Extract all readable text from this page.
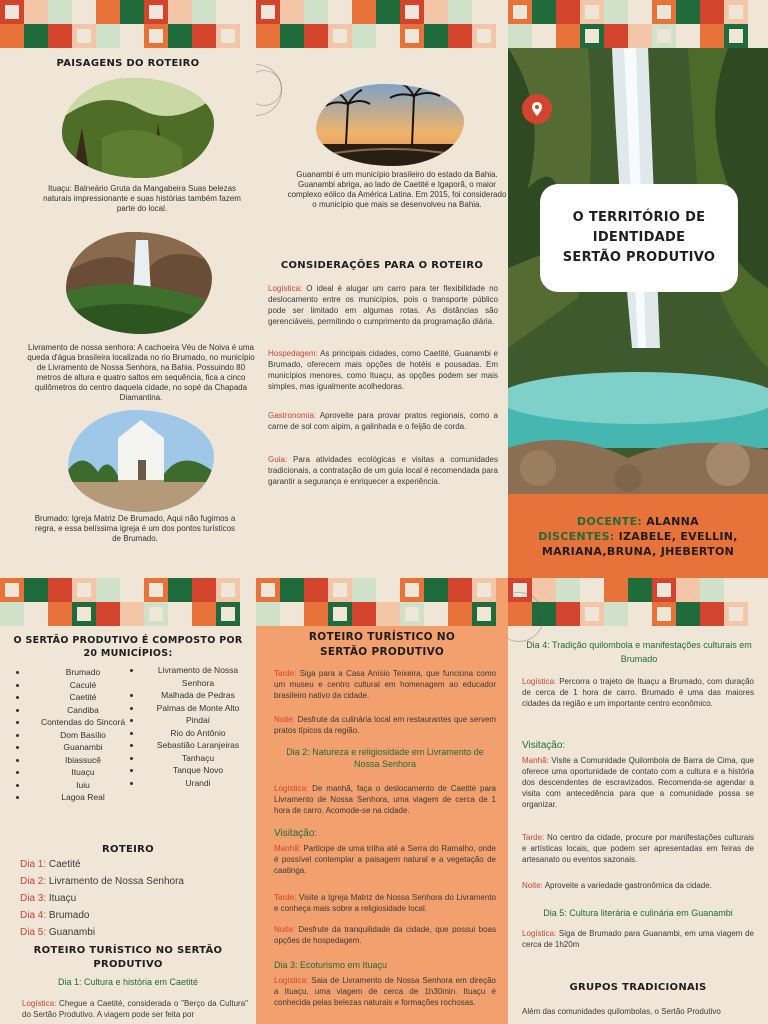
PAISAGENS DO ROTEIRO
Ituaçu: Balneário Gruta da Mangabeira Suas belezas naturais impressionante e suas histórias também fazem parte do local.
Livramento de nossa senhora: A cachoeira Véu de Noiva é uma queda d'água brasileira localizada no rio Brumado, no município de Livramento de Nossa Senhora, na Bahia. Possuindo 80 metros de altura e quatro saltos em sequência, fica a cinco quilômetros do centro daquela cidade, no sopé da Chapada Diamantina.
Brumado: Igreja Matriz De Brumado, Aqui não fugimos a regra, e essa belíssima igreja é um dos pontos turísticos de Brumado.
Guanambi é um município brasileiro do estado da Bahia. Guanambi abriga, ao lado de Caetité e Igaporã, o maior complexo eólico da América Latina. Em 2015, foi considerado o município que mais se desenvolveu na Bahia.
CONSIDERAÇÕES PARA O ROTEIRO
Logística: O ideal é alugar um carro para ter flexibilidade no deslocamento entre os municípios, pois o transporte público pode ser limitado em algumas rotas. As distâncias são gerenciáveis, permitindo o cumprimento da programação diária.
Hospedagem: As principais cidades, como Caetité, Guanambi e Brumado, oferecem mais opções de hotéis e pousadas. Em municípios menores, como Ituaçu, as opções podem ser mais simples, mas igualmente acolhedoras.
Gastronomia: Aproveite para provar pratos regionais, como a carne de sol com aipim, a galinhada e o feijão de corda.
Guia: Para atividades ecológicas e visitas a comunidades tradicionais, a contratação de um guia local é recomendada para garantir a segurança e enriquecer a experiência.
O TERRITÓRIO DE
IDENTIDADE
SERTÃO PRODUTIVO
DOCENTE: ALANNA
DISCENTES: IZABELE, EVELLIN,
MARIANA,BRUNA, JHEBERTON
O SERTÃO PRODUTIVO É COMPOSTO POR 20 MUNICÍPIOS:
• Brumado
• Caculé
• Caetité
• Candiba
• Contendas do Sincorá
• Dom Basílio
• Guanambi
• Ibiassucê
• Ituaçu
• Iuiu
• Lagoa Real
• Livramento de Nossa Senhora
• Malhada de Pedras
• Palmas de Monte Alto
• Pindaí
• Rio do Antônio
• Sebastião Laranjeiras
• Tanhaçu
• Tanque Novo
• Urandi
ROTEIRO
Dia 1: Caetité
Dia 2: Livramento de Nossa Senhora
Dia 3: Ituaçu
Dia 4: Brumado
Dia 5: Guanambi
ROTEIRO TURÍSTICO NO SERTÃO PRODUTIVO
Dia 1: Cultura e história em Caetité
Logística: Chegue a Caetité, considerada o "Berço da Cultura" do Sertão Produtivo. A viagem pode ser feita por
ROTEIRO TURÍSTICO NO SERTÃO PRODUTIVO
Tarde: Siga para a Casa Anísio Teixeira, que funciona como um museu e centro cultural em homenagem ao educador brasileiro nativo da cidade.
Noite: Desfrute da culinária local em restaurantes que servem pratos típicos da região.
Dia 2: Natureza e religiosidade em Livramento de Nossa Senhora
Logística: De manhã, faça o deslocamento de Caetité para Livramento de Nossa Senhora, uma viagem de cerca de 1 hora de carro. Acomode-se na cidade.
Visitação:
Manhã: Participe de uma trilha até a Serra do Ramalho, onde é possível contemplar a paisagem natural e a vegetação de caatinga.
Tarde: Visite a Igreja Matriz de Nossa Senhora do Livramento e conheça mais sobre a religiosidade local.
Noite: Desfrute da tranquilidade da cidade, que possui boas opções de hospedagem.
Dia 3: Ecoturismo em Ituaçu
Logística: Saia de Livramento de Nossa Senhora em direção a Ituaçu, uma viagem de cerca de 1h30min. Ituaçu é conhecida pelas belezas naturais e formações rochosas.
Dia 4: Tradição quilombola e manifestações culturais em Brumado
Logística: Percorra o trajeto de Ituaçu a Brumado, com duração de cerca de 1 hora de carro. Brumado é uma das maiores cidades da região e um importante centro econômico.
Visitação:
Manhã: Visite a Comunidade Quilombola de Barra de Cima, que oferece uma oportunidade de contato com a cultura e a história dos descendentes de escravizados. Recomenda-se agendar a visita com antecedência para que a comunidade possa se organizar.
Tarde: No centro da cidade, procure por manifestações culturais e artísticas locais, que podem ser apresentadas em feiras de artesanato ou eventos sazonais.
Noite: Aproveite a variedade gastronômica da cidade.
Dia 5: Cultura literária e culinária em Guanambi
Logística: Siga de Brumado para Guanambi, em uma viagem de cerca de 1h20m
GRUPOS TRADICIONAIS
Além das comunidades quilombolas, o Sertão Produtivo
